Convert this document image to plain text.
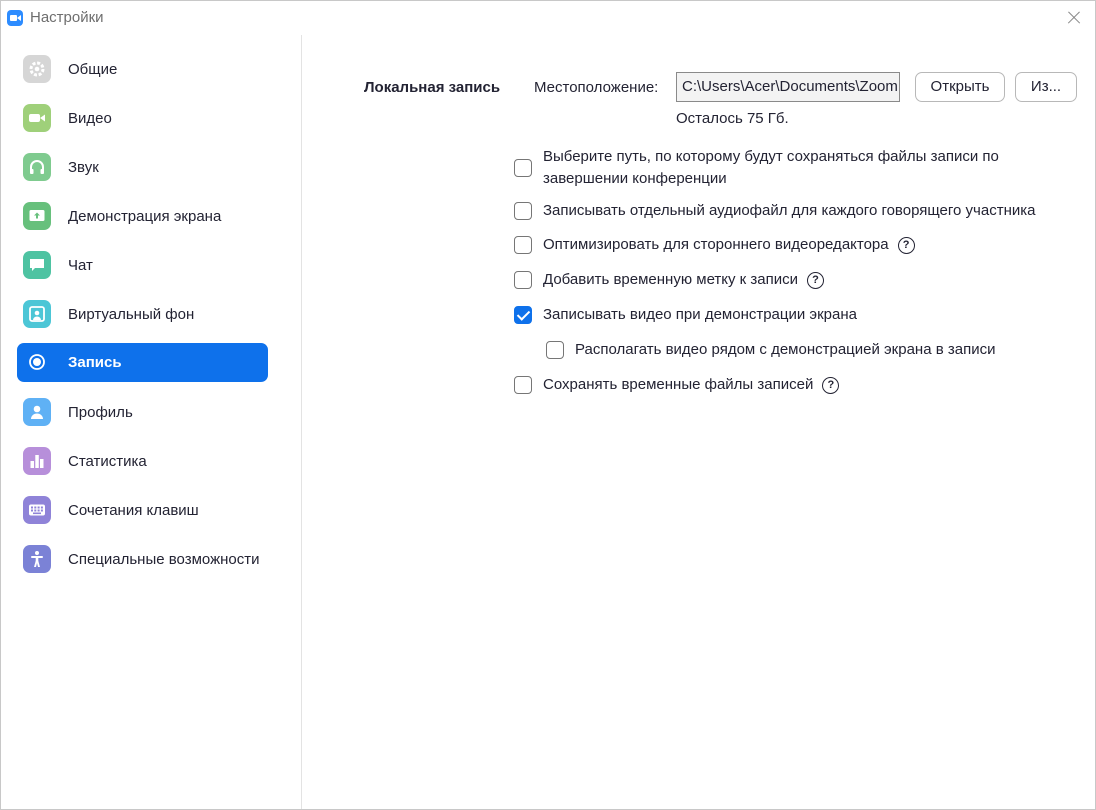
Настройки
Общие
Видео
Звук
Демонстрация экрана
Чат
Виртуальный фон
Запись
Профиль
Статистика
Сочетания клавиш
Специальные возможности
Локальная запись Местоположение:	C:\Users\Acer\Documents\Zoom	Открыть	Из...
Осталось 75 Гб.
Выберите путь, по которому будут сохраняться файлы записи по
завершении конференции
Записывать отдельный аудиофайл для каждого говорящего участника
Оптимизировать для стороннего видеоредактора ?
Добавить временную метку к записи ?
Записывать видео при демонстрации экрана
Располагать видео рядом с демонстрацией экрана в записи
Сохранять временные файлы записей ?
